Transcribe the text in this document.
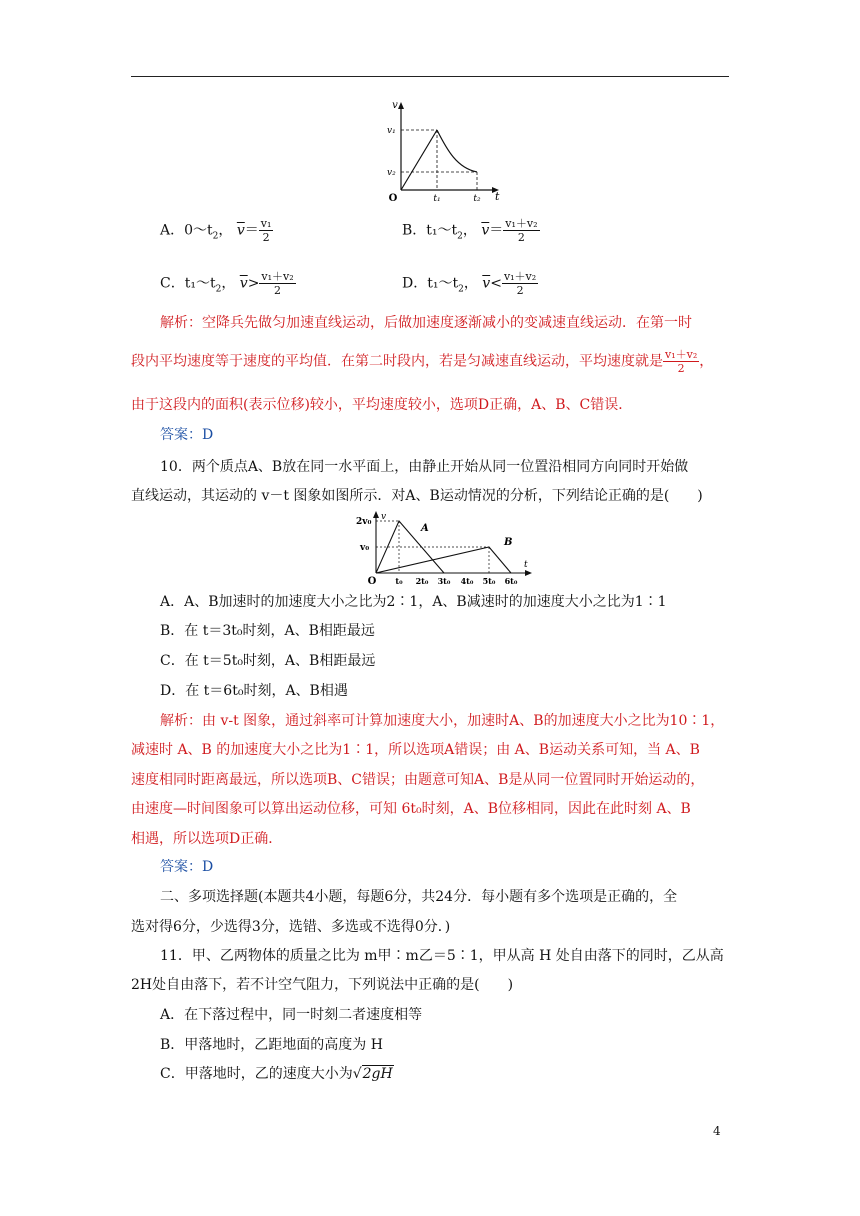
v
t
O
v₁
v₂
t₁	t₂
A．$0\sim t_2$， $\overline{v}= \frac{\text{v₁}}{2}$	B．$t_1\sim t_2$， $\overline{v}= \frac{\text{v₁＋v₂}}{2}$
C．$t_1\sim t_2$， $\overline{v}> \frac{\text{v₁＋v₂}}{2}$	D．$t_1\sim t_2$， $\overline{v}< \frac{\text{v₁＋v₂}}{2}$
解析：空降兵先做匀加速直线运动，后做加速度逐渐减小的变减速直线运动．在第一时
段内平均速度等于速度的平均值．在第二时段内，若是匀减速直线运动，平均速度就是 $\frac{\text{v₁＋v₂}}{2}$ ，
由于这段内的面积(表示位移)较小，平均速度较小，选项D正确，A、B、C错误．
答案：D
10．两个质点A、B放在同一水平面上，由静止开始从同一位置沿相同方向同时开始做
直线运动，其运动的 v－t 图象如图所示．对A、B运动情况的分析，下列结论正确的是(　　)
2v₀
v₀
v
t
O
A
B
t₀ 2t₀ 3t₀ 4t₀ 5t₀ 6t₀
A．A、B加速时的加速度大小之比为2∶1，A、B减速时的加速度大小之比为1∶1
B．在 t＝3t₀时刻，A、B相距最远
C．在 t＝5t₀时刻，A、B相距最远
D．在 t＝6t₀时刻，A、B相遇
解析：由 v-t 图象，通过斜率可计算加速度大小，加速时A、B的加速度大小之比为10∶1，
减速时 A、B 的加速度大小之比为1∶1，所以选项A错误；由 A、B运动关系可知，当 A、B
速度相同时距离最远，所以选项B、C错误；由题意可知A、B是从同一位置同时开始运动的，
由速度—时间图象可以算出运动位移，可知 6t₀时刻，A、B位移相同，因此在此时刻 A、B
相遇，所以选项D正确．
答案：D
二、多项选择题(本题共4小题，每题6分，共24分．每小题有多个选项是正确的，全
选对得6分，少选得3分，选错、多选或不选得0分．)
11．甲、乙两物体的质量之比为 m甲∶m乙＝5∶1，甲从高 H 处自由落下的同时，乙从高
2H处自由落下，若不计空气阻力，下列说法中正确的是(　　)
A．在下落过程中，同一时刻二者速度相等
B．甲落地时，乙距地面的高度为 H
C．甲落地时，乙的速度大小为√2gH
4
